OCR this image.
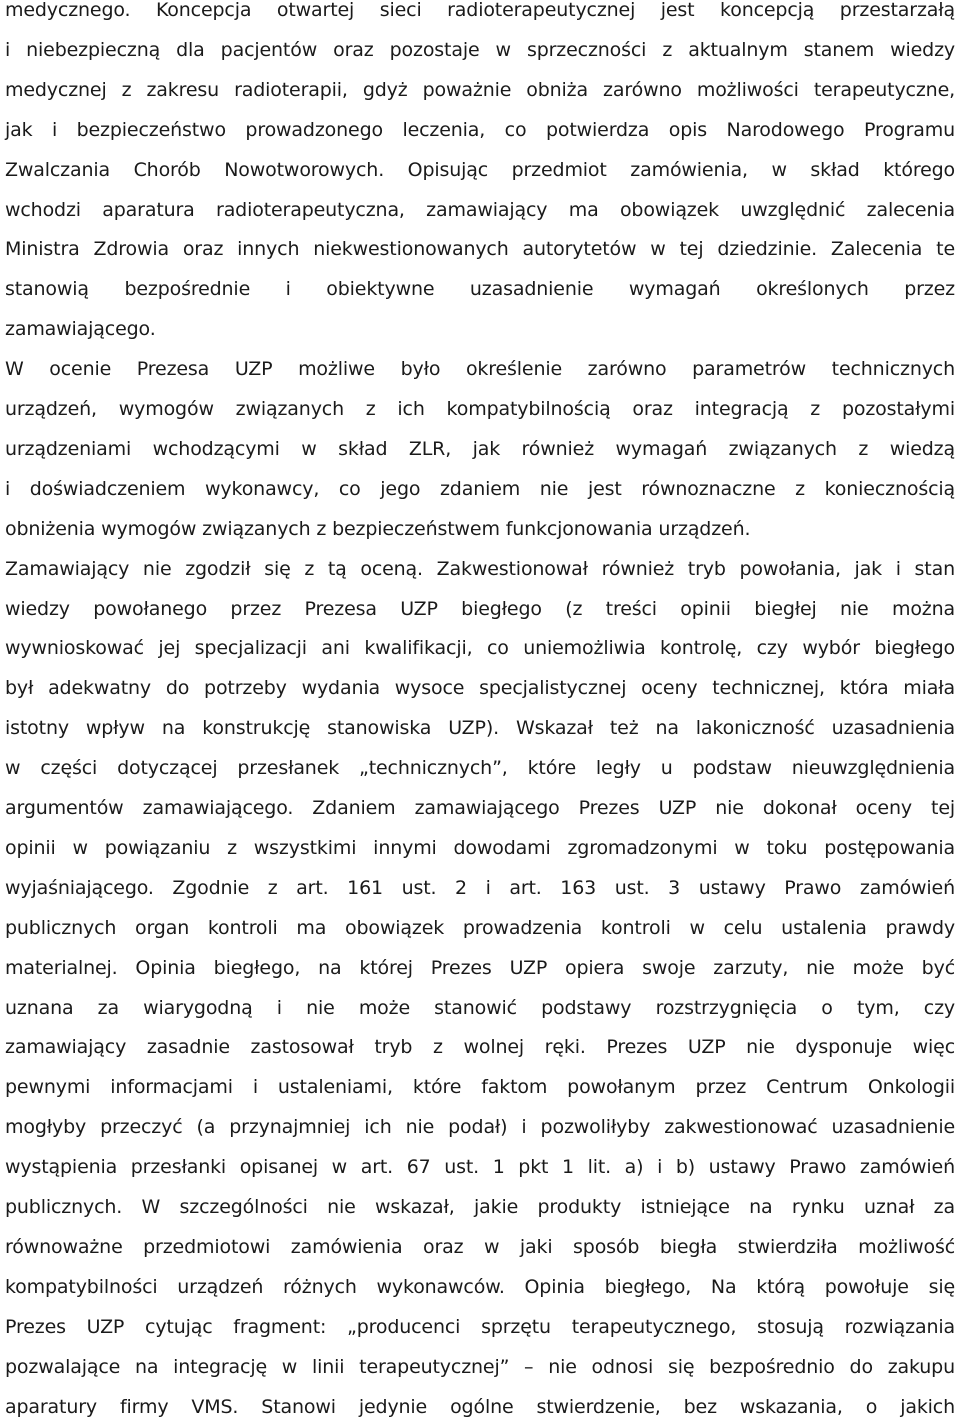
medycznego. Koncepcja otwartej sieci radioterapeutycznej jest koncepcją przestarzałą
i niebezpieczną dla pacjentów oraz pozostaje w sprzeczności z aktualnym stanem wiedzy
medycznej z zakresu radioterapii, gdyż poważnie obniża zarówno możliwości terapeutyczne,
jak i bezpieczeństwo prowadzonego leczenia, co potwierdza opis Narodowego Programu
Zwalczania Chorób Nowotworowych. Opisując przedmiot zamówienia, w skład którego
wchodzi aparatura radioterapeutyczna, zamawiający ma obowiązek uwzględnić zalecenia
Ministra Zdrowia oraz innych niekwestionowanych autorytetów w tej dziedzinie. Zalecenia te
stanowią bezpośrednie i obiektywne uzasadnienie wymagań określonych przez
zamawiającego.
W ocenie Prezesa UZP możliwe było określenie zarówno parametrów technicznych
urządzeń, wymogów związanych z ich kompatybilnością oraz integracją z pozostałymi
urządzeniami wchodzącymi w skład ZLR, jak również wymagań związanych z wiedzą
i doświadczeniem wykonawcy, co jego zdaniem nie jest równoznaczne z koniecznością
obniżenia wymogów związanych z bezpieczeństwem funkcjonowania urządzeń.
Zamawiający nie zgodził się z tą oceną. Zakwestionował również tryb powołania, jak i stan
wiedzy powołanego przez Prezesa UZP biegłego (z treści opinii biegłej nie można
wywnioskować jej specjalizacji ani kwalifikacji, co uniemożliwia kontrolę, czy wybór biegłego
był adekwatny do potrzeby wydania wysoce specjalistycznej oceny technicznej, która miała
istotny wpływ na konstrukcję stanowiska UZP). Wskazał też na lakoniczność uzasadnienia
w części dotyczącej przesłanek „technicznych”, które legły u podstaw nieuwzględnienia
argumentów zamawiającego. Zdaniem zamawiającego Prezes UZP nie dokonał oceny tej
opinii w powiązaniu z wszystkimi innymi dowodami zgromadzonymi w toku postępowania
wyjaśniającego. Zgodnie z art. 161 ust. 2 i art. 163 ust. 3 ustawy Prawo zamówień
publicznych organ kontroli ma obowiązek prowadzenia kontroli w celu ustalenia prawdy
materialnej. Opinia biegłego, na której Prezes UZP opiera swoje zarzuty, nie może być
uznana za wiarygodną i nie może stanowić podstawy rozstrzygnięcia o tym, czy
zamawiający zasadnie zastosował tryb z wolnej ręki. Prezes UZP nie dysponuje więc
pewnymi informacjami i ustaleniami, które faktom powołanym przez Centrum Onkologii
mogłyby przeczyć (a przynajmniej ich nie podał) i pozwoliłyby zakwestionować uzasadnienie
wystąpienia przesłanki opisanej w art. 67 ust. 1 pkt 1 lit. a) i b) ustawy Prawo zamówień
publicznych. W szczególności nie wskazał, jakie produkty istniejące na rynku uznał za
równoważne przedmiotowi zamówienia oraz w jaki sposób biegła stwierdziła możliwość
kompatybilności urządzeń różnych wykonawców. Opinia biegłego, Na którą powołuje się
Prezes UZP cytując fragment: „producenci sprzętu terapeutycznego, stosują rozwiązania
pozwalające na integrację w linii terapeutycznej” – nie odnosi się bezpośrednio do zakupu
aparatury firmy VMS. Stanowi jedynie ogólne stwierdzenie, bez wskazania, o jakich
